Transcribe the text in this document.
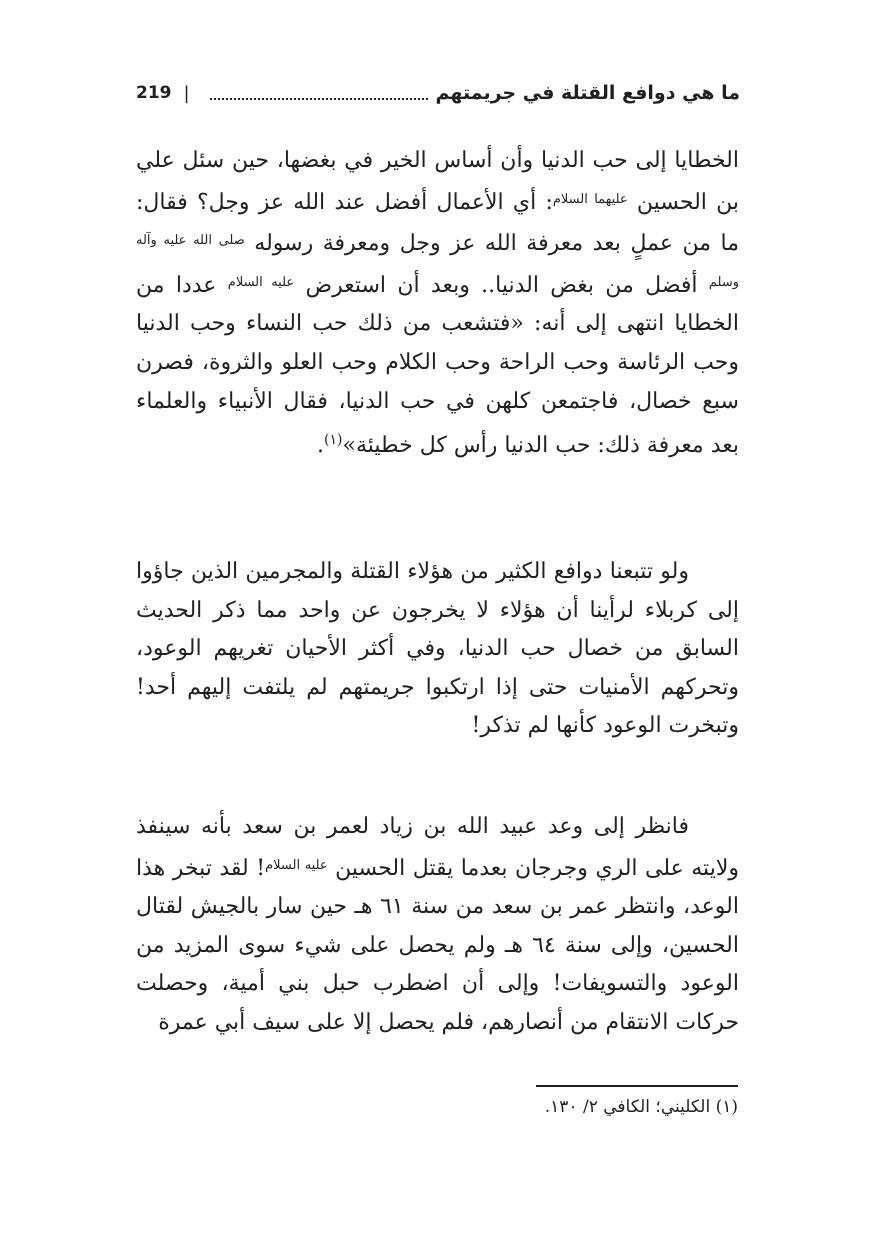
219 |	ما هي دوافع القتلة في جريمتهم

الخطايا إلى حب الدنيا وأن أساس الخير في بغضها، حين سئل علي بن الحسين $^{عليهما السلام}$: أي الأعمال أفضل عند الله عز وجل؟ فقال: ما من عملٍ بعد معرفة الله عز وجل ومعرفة رسوله $^{صلى الله عليه وآله وسلم}$ أفضل من بغض الدنيا.. وبعد أن استعرض $^{عليه السلام}$ عددا من الخطايا انتهى إلى أنه: «فتشعب من ذلك حب النساء وحب الدنيا وحب الرئاسة وحب الراحة وحب الكلام وحب العلو والثروة، فصرن سبع خصال، فاجتمعن كلهن في حب الدنيا، فقال الأنبياء والعلماء بعد معرفة ذلك: حب الدنيا رأس كل خطيئة»$^{(١)}$.

ولو تتبعنا دوافع الكثير من هؤلاء القتلة والمجرمين الذين جاؤوا إلى كربلاء لرأينا أن هؤلاء لا يخرجون عن واحد مما ذكر الحديث السابق من خصال حب الدنيا، وفي أكثر الأحيان تغريهم الوعود، وتحركهم الأمنيات حتى إذا ارتكبوا جريمتهم لم يلتفت إليهم أحد! وتبخرت الوعود كأنها لم تذكر!

فانظر إلى وعد عبيد الله بن زياد لعمر بن سعد بأنه سينفذ ولايته على الري وجرجان بعدما يقتل الحسين $^{عليه السلام}$! لقد تبخر هذا الوعد، وانتظر عمر بن سعد من سنة ٦١ هـ حين سار بالجيش لقتال الحسين، وإلى سنة ٦٤ هـ ولم يحصل على شيء سوى المزيد من الوعود والتسويفات! وإلى أن اضطرب حبل بني أمية، وحصلت حركات الانتقام من أنصارهم، فلم يحصل إلا على سيف أبي عمرة

(١) الكليني؛ الكافي ٢/ ١٣٠.
